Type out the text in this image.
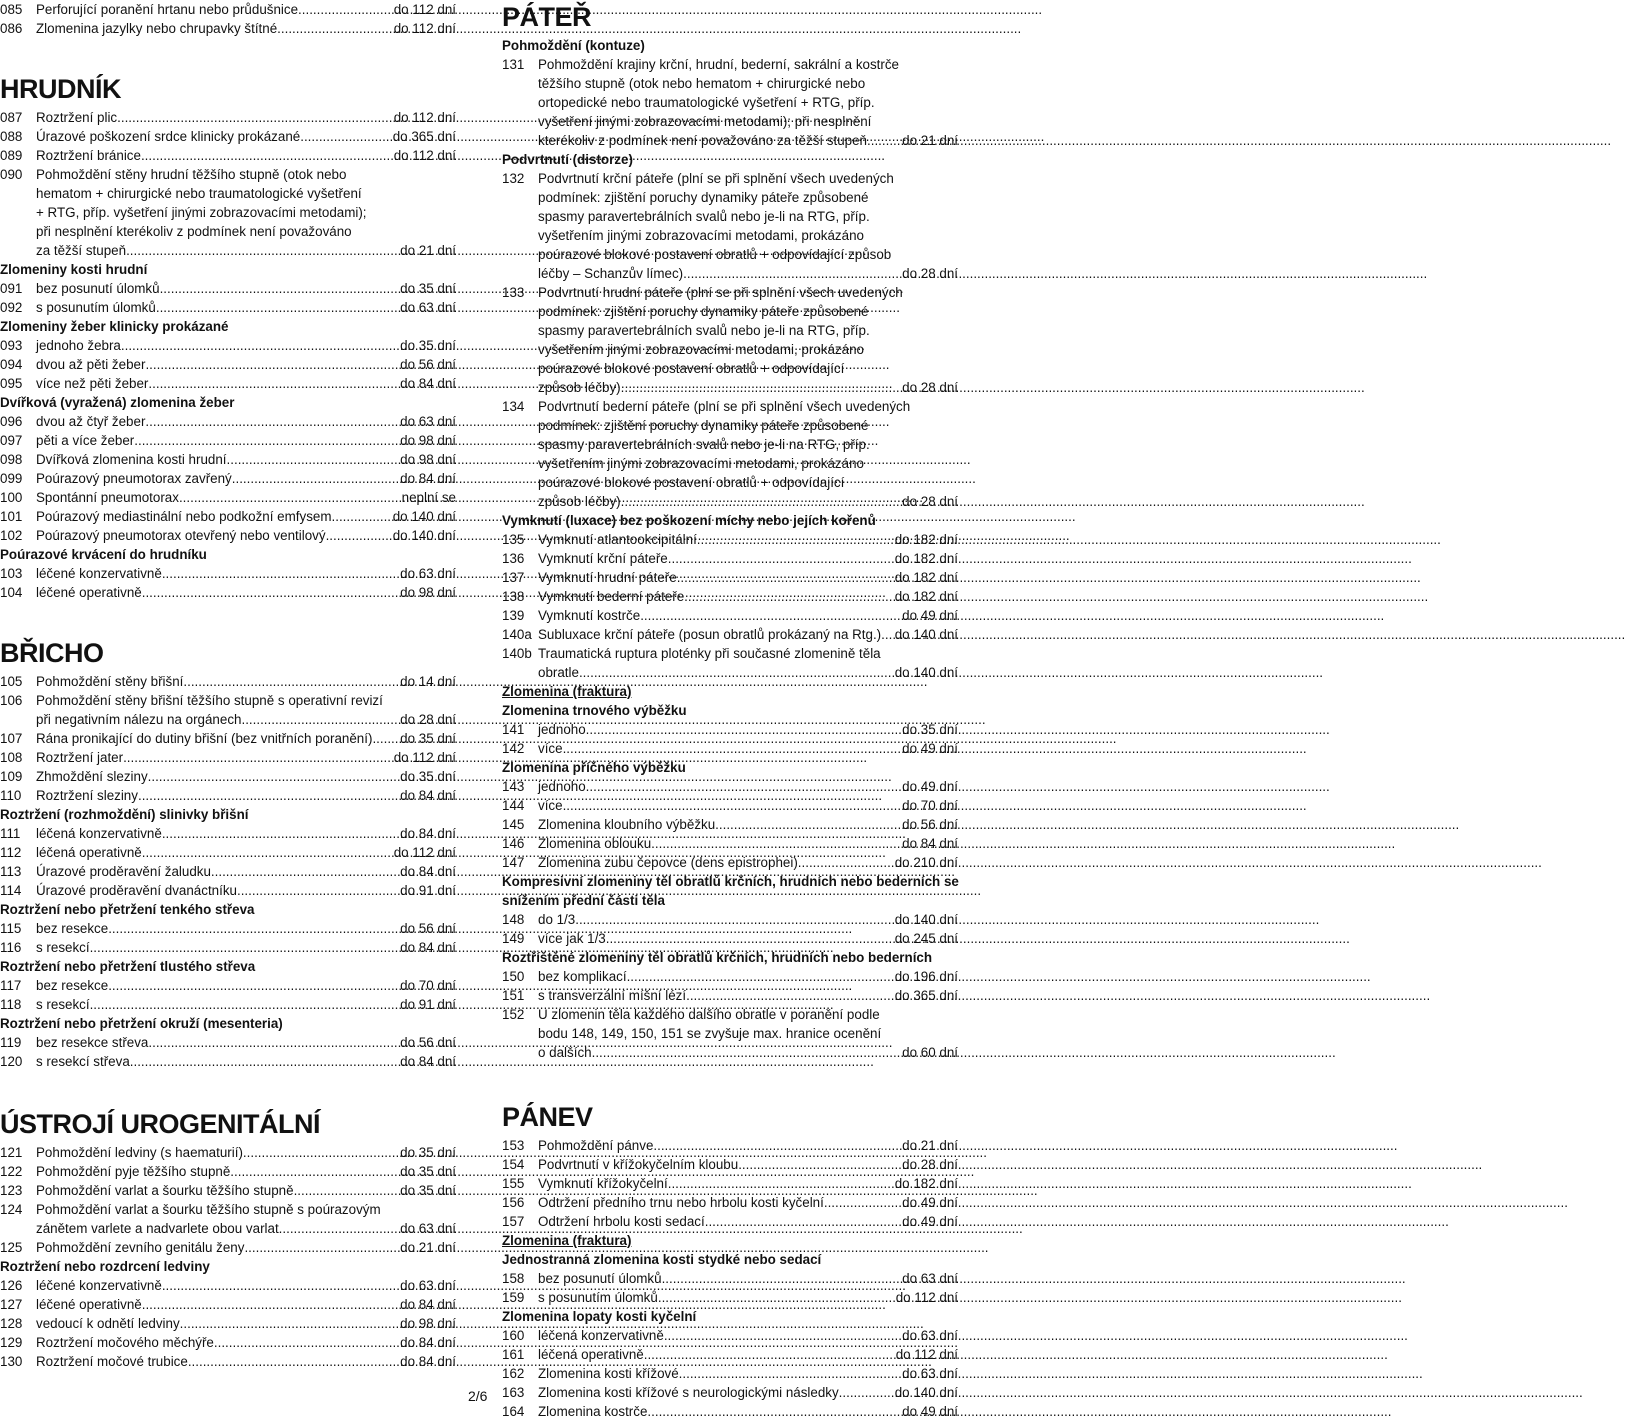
085	Perforující poranění hrtanu nebo průdušnice .....	do 112 dní
086	Zlomenina jazylky nebo chrupavky štítné .....	do 112 dní
HRUDNÍK
087	Roztržení plic .....	do 112 dní
088	Úrazové poškození srdce klinicky prokázané .....	do 365 dní
089	Roztržení bránice .....	do 112 dní
090	Pohmoždění stěny hrudní těžšího stupně (otok nebo
hematom + chirurgické nebo traumatologické vyšetření
+ RTG, příp. vyšetření jinými zobrazovacími metodami);
při nesplnění kterékoliv z podmínek není považováno
za těžší stupeň .....	do 21 dní
Zlomeniny kosti hrudní
091	bez posunutí úlomků .....	do 35 dní
092	s posunutím úlomků .....	do 63 dní
Zlomeniny žeber klinicky prokázané
093	jednoho žebra .....	do 35 dní
094	dvou až pěti žeber .....	do 56 dní
095	více než pěti žeber .....	do 84 dní
Dvířková (vyražená) zlomenina žeber
096	dvou až čtyř žeber .....	do 63 dní
097	pěti a více žeber .....	do 98 dní
098	Dvířková zlomenina kosti hrudní .....	do 98 dní
099	Poúrazový pneumotorax zavřený .....	do 84 dní
100	Spontánní pneumotorax .....	neplní se
101	Poúrazový mediastinální nebo podkožní emfysem .....	do 140 dní
102	Poúrazový pneumotorax otevřený nebo ventilový .....	do 140 dní
Poúrazové krvácení do hrudníku
103	léčené konzervativně .....	do 63 dní
104	léčené operativně .....	do 98 dní
BŘICHO
105	Pohmoždění stěny břišní .....	do 14 dní
106	Pohmoždění stěny břišní těžšího stupně s operativní revizí
při negativním nálezu na orgánech .....	do 28 dní
107	Rána pronikající do dutiny břišní (bez vnitřních poranění) ..... do 35 dní
108	Roztržení jater .....	do 112 dní
109	Zhmoždění sleziny .....	do 35 dní
110	Roztržení sleziny .....	do 84 dní
Roztržení (rozhmoždění) slinivky břišní
111	léčená konzervativně .....	do 84 dní
112	léčená operativně .....	do 112 dní
113	Úrazové proděravění žaludku .....	do 84 dní
114	Úrazové proděravění dvanáctníku .....	do 91 dní
Roztržení nebo přetržení tenkého střeva
115	bez resekce .....	do 56 dní
116	s resekcí .....	do 84 dní
Roztržení nebo přetržení tlustého střeva
117	bez resekce .....	do 70 dní
118	s resekcí .....	do 91 dní
Roztržení nebo přetržení okruží (mesenteria)
119	bez resekce střeva .....	do 56 dní
120	s resekcí střeva .....	do 84 dní
ÚSTROJÍ UROGENITÁLNÍ
121	Pohmoždění ledviny (s haematurií) .....	do 35 dní
122	Pohmoždění pyje těžšího stupně .....	do 35 dní
123	Pohmoždění varlat a šourku těžšího stupně .....	do 35 dní
124	Pohmoždění varlat a šourku těžšího stupně s poúrazovým
zánětem varlete a nadvarlete obou varlat .....	do 63 dní
125	Pohmoždění zevního genitálu ženy .....	do 21 dní
Roztržení nebo rozdrcení ledviny
126	léčené konzervativně .....	do 63 dní
127	léčené operativně .....	do 84 dní
128	vedoucí k odnětí ledviny .....	do 98 dní
129	Roztržení močového měchýře .....	do 84 dní
130	Roztržení močové trubice .....	do 84 dní
PÁTEŘ
Pohmoždění (kontuze)
131	Pohmoždění krajiny krční, hrudní, bederní, sakrální a kostrče
těžšího stupně (otok nebo hematom + chirurgické nebo
ortopedické nebo traumatologické vyšetření + RTG, příp.
vyšetření jinými zobrazovacími metodami); při nesplnění
kterékoliv z podmínek není považováno za těžší stupeň .....	do 21 dní
Podvrtnutí (distorze)
132	Podvrtnutí krční páteře (plní se při splnění všech uvedených
podmínek: zjištění poruchy dynamiky páteře způsobené
spasmy paravertebrálních svalů nebo je-li na RTG, příp.
vyšetřením jinými zobrazovacími metodami, prokázáno
poúrazové blokové postavení obratlů + odpovídající způsob
léčby – Schanzův límec) .....	do 28 dní
133	Podvrtnutí hrudní páteře (plní se při splnění všech uvedených
podmínek: zjištění poruchy dynamiky páteře způsobené
spasmy paravertebrálních svalů nebo je-li na RTG, příp.
vyšetřením jinými zobrazovacími metodami, prokázáno
poúrazové blokové postavení obratlů + odpovídající
způsob léčby) .....	do 28 dní
134	Podvrtnutí bederní páteře (plní se při splnění všech uvedených
podmínek: zjištění poruchy dynamiky páteře způsobené
spasmy paravertebrálních svalů nebo je-li na RTG, příp.
vyšetřením jinými zobrazovacími metodami, prokázáno
poúrazové blokové postavení obratlů + odpovídající
způsob léčby) .....	do 28 dní
Vymknutí (luxace) bez poškození míchy nebo jejích kořenů
135	Vymknutí atlantookcipitální .....	do 182 dní
136	Vymknutí krční páteře .....	do 182 dní
137	Vymknutí hrudní páteře .....	do 182 dní
138	Vymknutí bederní páteře .....	do 182 dní
139	Vymknutí kostrče .....	do 49 dní
140a Subluxace krční páteře (posun obratlů prokázaný na Rtg.) ..... do 140 dní
140b Traumatická ruptura ploténky při současné zlomenině těla
obratle .....	do 140 dní
Zlomenina (fraktura)
Zlomenina trnového výběžku
141	jednoho .....	do 35 dní
142	více .....	do 49 dní
Zlomenina příčného výběžku
143	jednoho .....	do 49 dní
144	více .....	do 70 dní
145	Zlomenina kloubního výběžku .....	do 56 dní
146	Zlomenina oblouku .....	do 84 dní
147	Zlomenina zubu čepovce (dens epistrophei) .....	do 210 dní
Kompresivní zlomeniny těl obratlů krčních, hrudních nebo bederních se
snížením přední části těla
148	do 1/3 .....	do 140 dní
149	více jak 1/3 .....	do 245 dní
Roztříštěné zlomeniny těl obratlů krčních, hrudních nebo bederních
150	bez komplikací .....	do 196 dní
151	s transverzální míšní lézí .....	do 365 dní
152	U zlomenin těla každého dalšího obratle v poranění podle
bodu 148, 149, 150, 151 se zvyšuje max. hranice ocenění
o dalších .....	do 60 dní
PÁNEV
153	Pohmoždění pánve .....	do 21 dní
154	Podvrtnutí v křížokyčelním kloubu .....	do 28 dní
155	Vymknutí křížokyčelní .....	do 182 dní
156	Odtržení předního trnu nebo hrbolu kosti kyčelní .....	do 49 dní
157	Odtržení hrbolu kosti sedací .....	do 49 dní
Zlomenina (fraktura)
Jednostranná zlomenina kosti stydké nebo sedací
158	bez posunutí úlomků .....	do 63 dní
159	s posunutím úlomků .....	do 112 dní
Zlomenina lopaty kosti kyčelní
160	léčená konzervativně .....	do 63 dní
161	léčená operativně .....	do 112 dní
162	Zlomenina kosti křížové .....	do 63 dní
163	Zlomenina kosti křížové s neurologickými následky .....	do 140 dní
164	Zlomenina kostrče .....	do 49 dní
2/6
